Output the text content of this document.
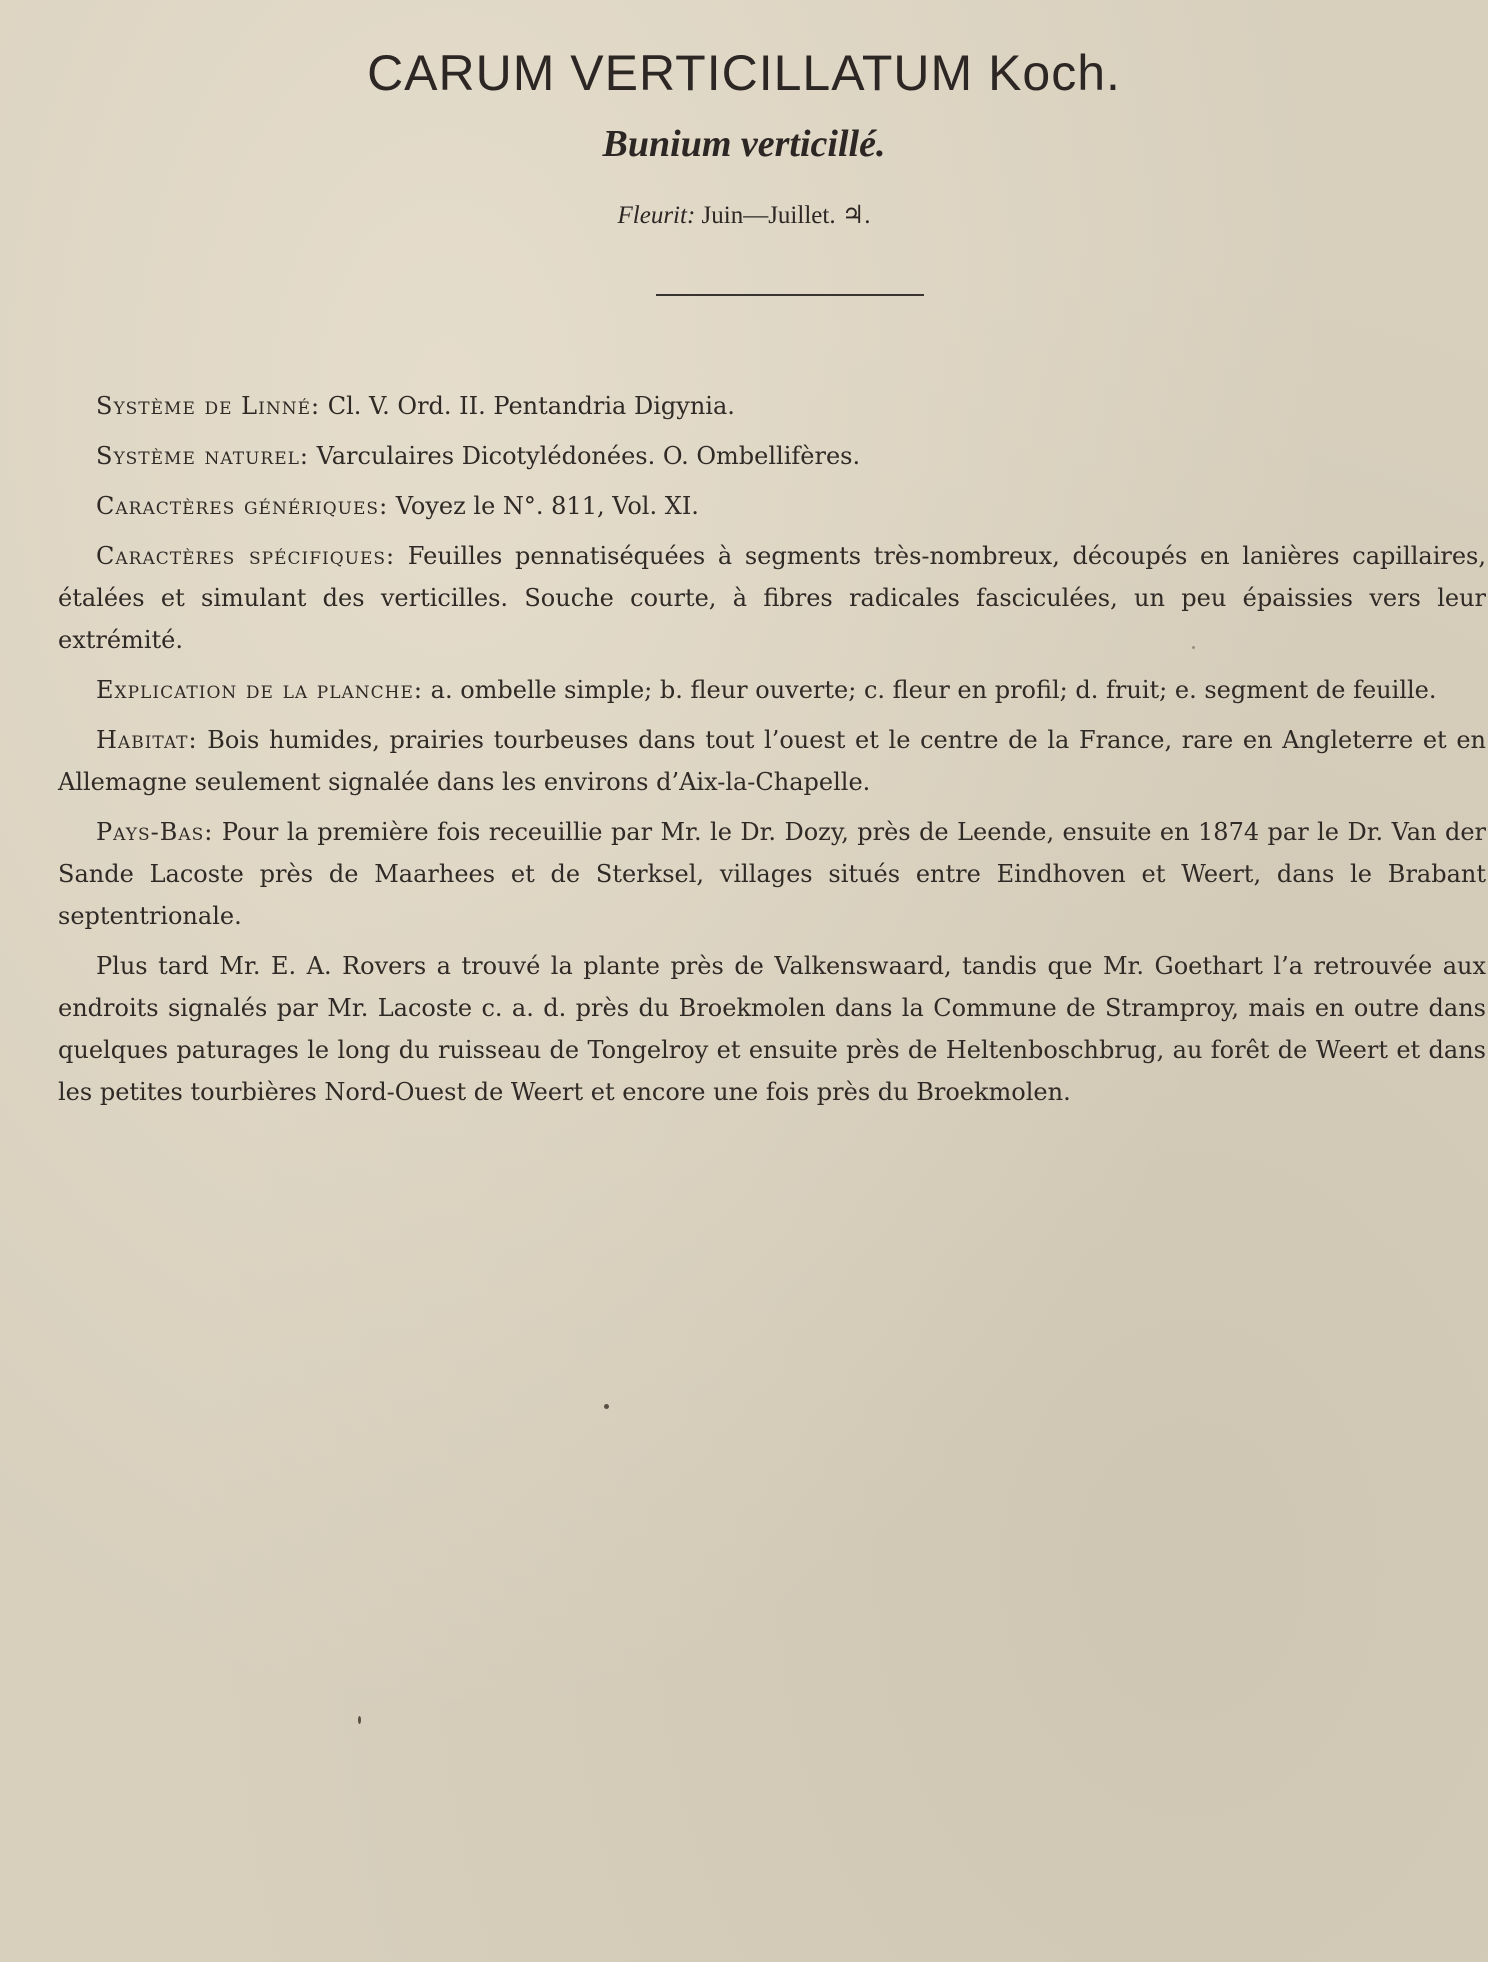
CARUM VERTICILLATUM Koch.
Bunium verticillé.
Fleurit: Juin—Juillet. ♃.

Système de Linné: Cl. V. Ord. II. Pentandria Digynia.

Système naturel: Varculaires Dicotylédonées. O. Ombellifères.

Caractères génériques: Voyez le N°. 811, Vol. XI.

Caractères spécifiques: Feuilles pennatiséquées à segments très-nombreux, découpés en lanières capillaires, étalées et simulant des verticilles. Souche courte, à fibres radicales fasciculées, un peu épaissies vers leur extrémité.

Explication de la planche: a. ombelle simple; b. fleur ouverte; c. fleur en profil; d. fruit; e. segment de feuille.

Habitat: Bois humides, prairies tourbeuses dans tout l’ouest et le centre de la France, rare en Angleterre et en Allemagne seulement signalée dans les environs d’Aix-la-Chapelle.

Pays-Bas: Pour la première fois receuillie par Mr. le Dr. Dozy, près de Leende, ensuite en 1874 par le Dr. Van der Sande Lacoste près de Maarhees et de Sterksel, villages situés entre Eindhoven et Weert, dans le Brabant septentrionale.

Plus tard Mr. E. A. Rovers a trouvé la plante près de Valkenswaard, tandis que Mr. Goethart l’a retrouvée aux endroits signalés par Mr. Lacoste c. a. d. près du Broekmolen dans la Commune de Stramproy, mais en outre dans quelques paturages le long du ruisseau de Tongelroy et ensuite près de Heltenboschbrug, au forêt de Weert et dans les petites tourbières Nord-Ouest de Weert et encore une fois près du Broekmolen.
